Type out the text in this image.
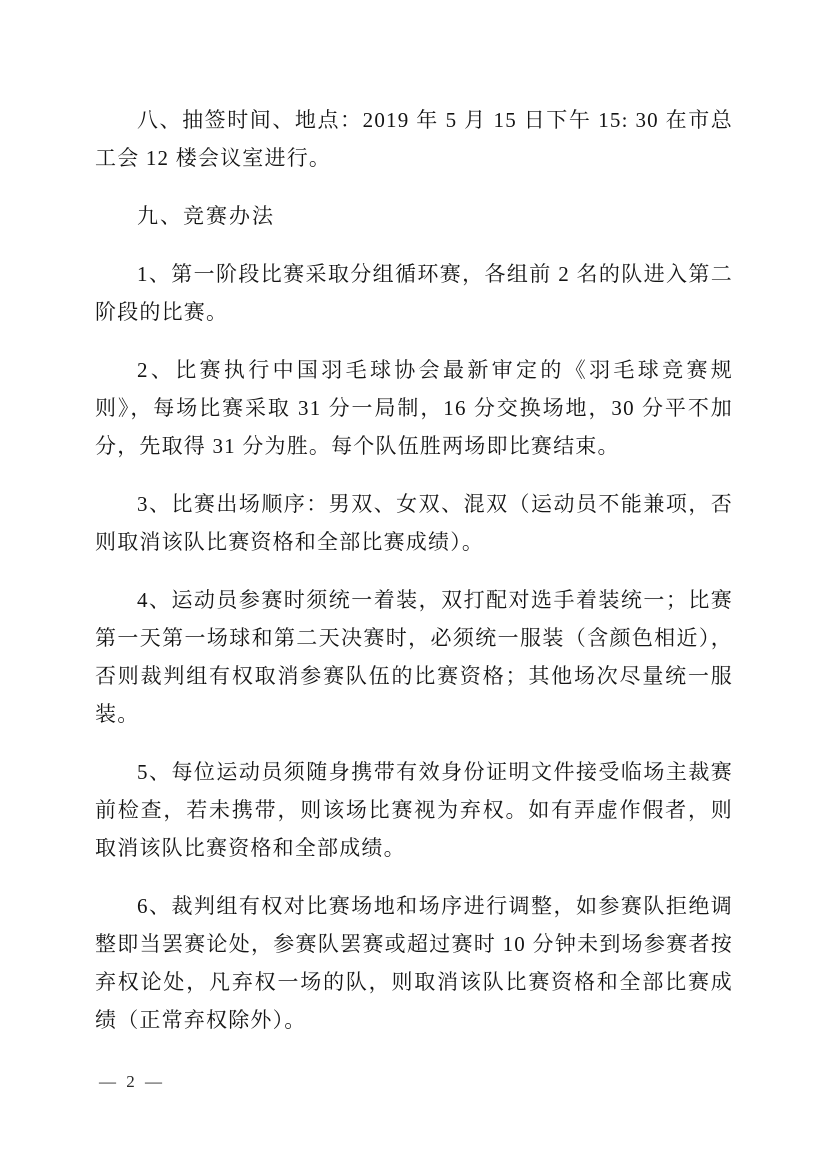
八、抽签时间、地点：2019 年 5 月 15 日下午 15: 30 在市总工会 12 楼会议室进行。

九、竞赛办法

1、第一阶段比赛采取分组循环赛，各组前 2 名的队进入第二阶段的比赛。

2、比赛执行中国羽毛球协会最新审定的《羽毛球竞赛规则》，每场比赛采取 31 分一局制，16 分交换场地，30 分平不加分，先取得 31 分为胜。每个队伍胜两场即比赛结束。

3、比赛出场顺序：男双、女双、混双（运动员不能兼项，否则取消该队比赛资格和全部比赛成绩）。

4、运动员参赛时须统一着装，双打配对选手着装统一；比赛第一天第一场球和第二天决赛时，必须统一服装（含颜色相近），否则裁判组有权取消参赛队伍的比赛资格；其他场次尽量统一服装。

5、每位运动员须随身携带有效身份证明文件接受临场主裁赛前检查，若未携带，则该场比赛视为弃权。如有弄虚作假者，则取消该队比赛资格和全部成绩。

6、裁判组有权对比赛场地和场序进行调整，如参赛队拒绝调整即当罢赛论处，参赛队罢赛或超过赛时 10 分钟未到场参赛者按弃权论处，凡弃权一场的队，则取消该队比赛资格和全部比赛成绩（正常弃权除外）。

— 2 —
